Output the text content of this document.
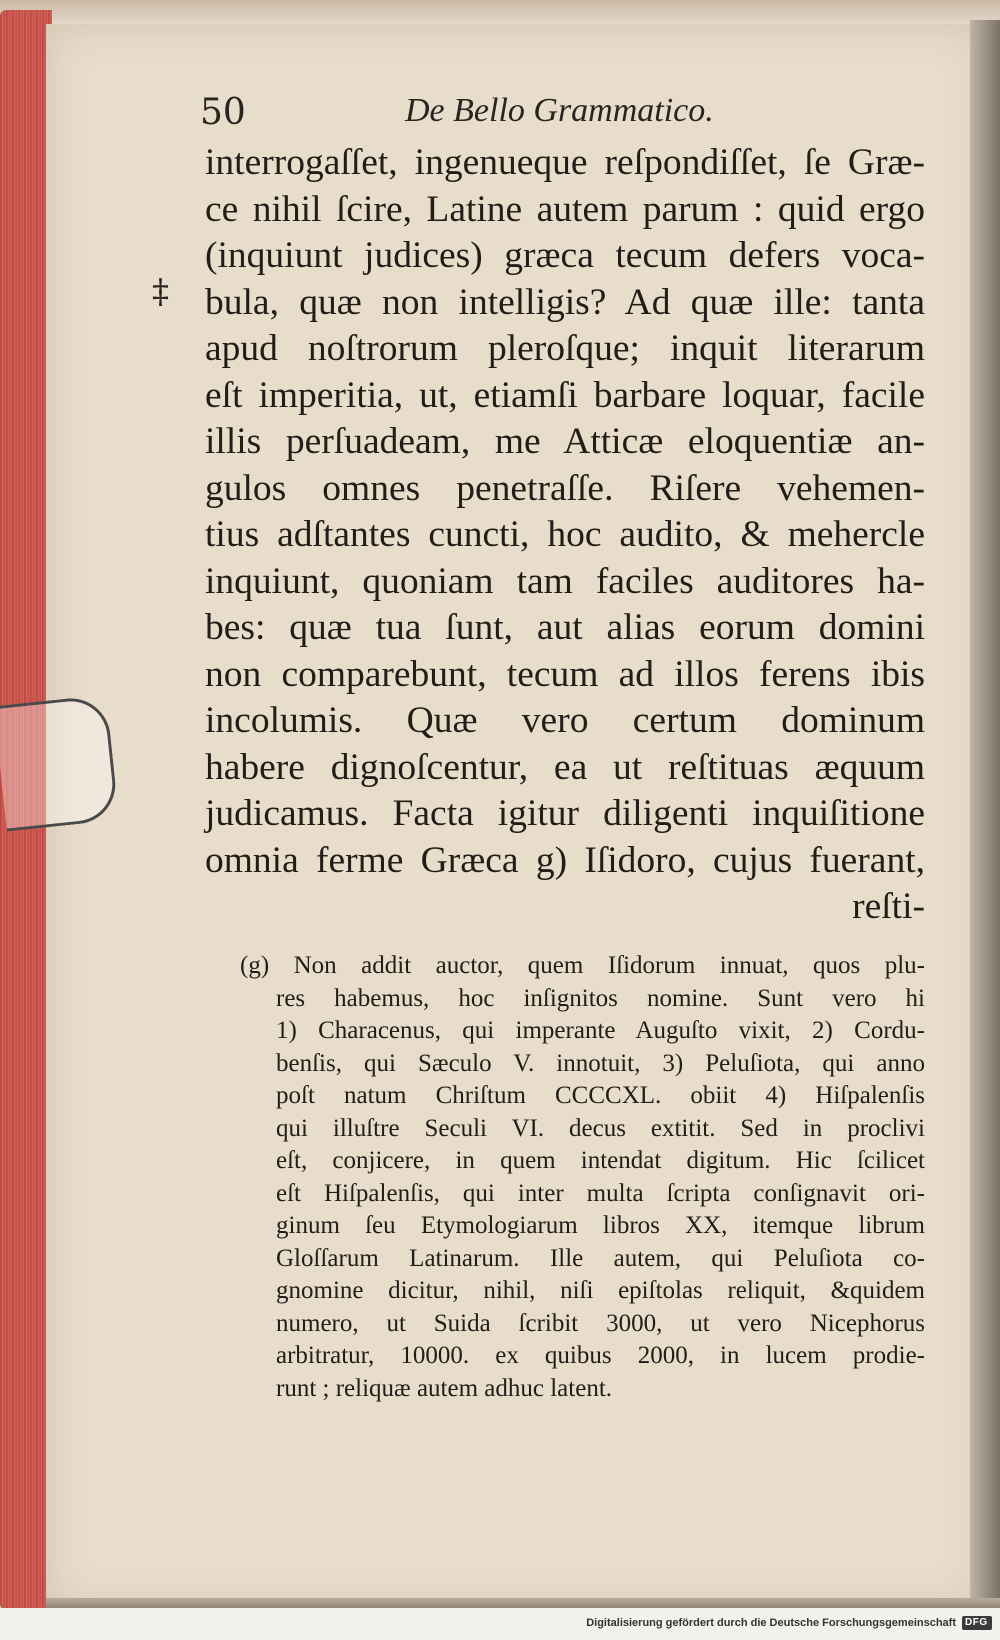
‡
50	De Bello Grammatico.
interrogaſſet, ingenueque reſpondiſſet, ſe Græ-
ce nihil ſcire, Latine autem parum : quid ergo
(inquiunt judices) græca tecum defers voca-
bula, quæ non intelligis? Ad quæ ille: tanta
apud noſtrorum pleroſque; inquit literarum
eſt imperitia, ut, etiamſi barbare loquar, facile
illis perſuadeam, me Atticæ eloquentiæ an-
gulos omnes penetraſſe. Riſere vehemen-
tius adſtantes cuncti, hoc audito, & mehercle
inquiunt, quoniam tam faciles auditores ha-
bes: quæ tua ſunt, aut alias eorum domini
non comparebunt, tecum ad illos ferens ibis
incolumis. Quæ vero certum dominum
habere dignoſcentur, ea ut reſtituas æquum
judicamus. Facta igitur diligenti inquiſitione
omnia ferme Græca g) Iſidoro, cujus fuerant,
reſti-
(g) Non addit auctor, quem Iſidorum innuat, quos plu-
res habemus, hoc inſignitos nomine. Sunt vero hi
1) Characenus, qui imperante Auguſto vixit, 2) Cordu-
benſis, qui Sæculo V. innotuit, 3) Peluſiota, qui anno
poſt natum Chriſtum CCCCXL. obiit 4) Hiſpalenſis
qui illuſtre Seculi VI. decus extitit. Sed in proclivi
eſt, conjicere, in quem intendat digitum. Hic ſcilicet
eſt Hiſpalenſis, qui inter multa ſcripta conſignavit ori-
ginum ſeu Etymologiarum libros XX, itemque librum
Gloſſarum Latinarum. Ille autem, qui Peluſiota co-
gnomine dicitur, nihil, niſi epiſtolas reliquit, &quidem
numero, ut Suida ſcribit 3000, ut vero Nicephorus
arbitratur, 10000. ex quibus 2000, in lucem prodie-
runt ; reliquæ autem adhuc latent.
Digitalisierung gefördert durch die Deutsche Forschungsgemeinschaft DFG
